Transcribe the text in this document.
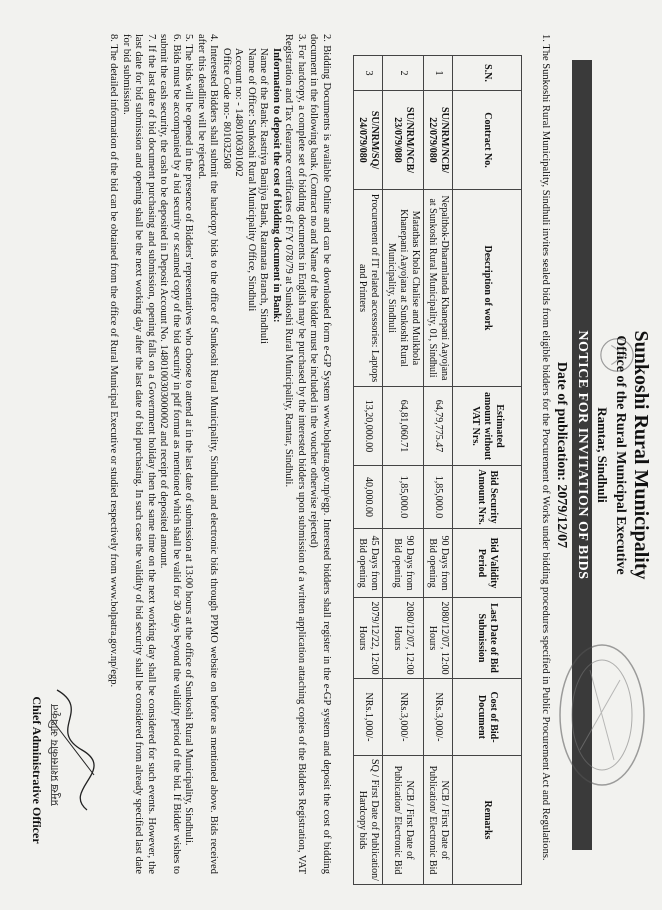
Sunkoshi Rural Municipality
Office of the Rural Municipal Executive
Ramtar, Sindhuli
NOTICE FOR INVITATION OF BIDS
Date of publication: 2079/12/07
1. The Sunkoshi Rural Municipality, Sindhuli invites sealed bids from eligible bidders for the Procurement of Works under bidding procedures specified in Public Procurement Act and Regulations.
S.N.	Contract No.	Description of work	Estimated amount without VAT Nrs.	Bid Security Amount Nrs.	Bid Validity Period	Last Date of Bid Submission	Cost of Bid-Document	Remarks
1	SU/NRM/NCB/ 22/079/080	Nepalthok-Dharamlanda Khanepani Aayojana at Sunkoshi Rural Municipality, 01, Sindhuli	64,79,775.47	1,85,000.0	90 Days from Bid opening	2080/12/07, 12:00 Hours	NRs.3,000/-	NCB / First Date of Publication/ Electronic Bid
2	SU/NRM/NCB/ 23/079/080	Matathas Khola Chalise and Mulkhola Khanepani Aayojana at Sunkoshi Rural Municipality, Sindhuli	64,81,060.71	1,85,000.0	90 Days from Bid opening	2080/12/07, 12:00 Hours	NRs.3,000/-	NCB / First Date of Publication/ Electronic Bid
3	SU/NRM/SQ/ 24/079/080	Procurement of IT related accessories: Laptops and Printers	13,20,000.00	40,000.00	45 Days from Bid opening	2079/12/22, 12:00 Hours	NRs.1,000/-	SQ / First Date of Publication/ Hardcopy bids

2. Bidding Documents is available Online and can be downloaded form e-GP System www.bolpatra.gov.np/egp. Interested bidders shall register in the e-GP system and deposit the cost of bidding document in the following bank. (Contract no and Name of the bidder must be included in the voucher otherwise rejected)

3. For hardcopy, a complete set of bidding documents in English may be purchased by the interested bidders upon submission of a written application attaching copies of the Bidders Registration, VAT Registration and Tax clearance certificates of F/Y 078/79 at Sunkoshi Rural Municipality, Ramtar, Sindhuli.

Information to deposit the cost of bidding document in Bank:

Name of the Bank: Rastriya Banijya Bank, Ratamata Branch, Sindhuli

Name of Office: Sunkoshi Rural Municipality Office, Sindhuli

Account no: - 1480100301002

Office Code no:- 801032508

4. Interested Bidders shall submit the hardcopy bids to the office of Sunkoshi Rural Municipality, Sindhuli and electronic bids through PPMO website on before as mentioned above. Bids received after this deadline will be rejected.

5. The bids will be opened in the presence of Bidders' representatives who choose to attend at in the last date of submission at 13:00 hours at the office of Sunkoshi Rural Municipality, Sindhuli.

6. Bids must be accompanied by a bid security or scanned copy of the bid security in pdf format as mentioned which shall be valid for 30 days beyond the validity period of the bid. If Bidder wishes to submit the cash security, the cash to be deposited in Deposit Account No. 1480100303000002 and receipt of deposited amount.

7. If the last date of bid document purchasing and submission, opening falls on a Government holiday then the same time on the next working day shall be considered for such events. However, the last date for bid submission and opening shall be the next working day after the last date of bid purchasing. In such case the validity of bid security shall be considered from already specified last date for bid submission.

8. The detailed information of the bid can be obtained from the office of Rural Municipal Executive or studied respectively from www.bolpatra.gov.np/egp.

प्रमुख प्रशासकीय अधिकृत
Chief Administrative Officer
